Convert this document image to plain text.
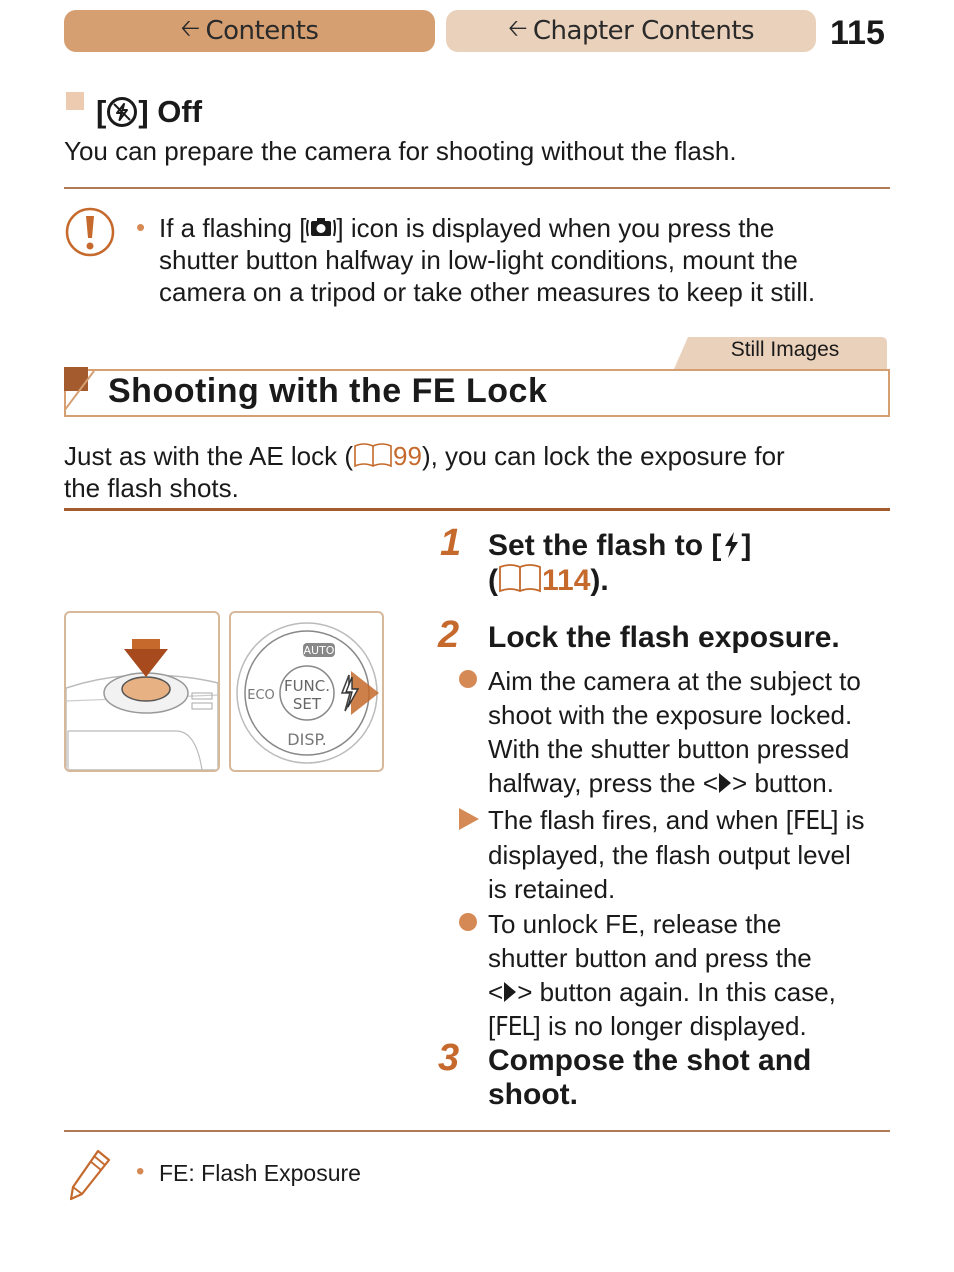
🡠 Contents	🡠 Chapter Contents 115
[ ] Off
You can prepare the camera for shooting without the flash.
• If a flashing [ ] icon is displayed when you press the
shutter button halfway in low-light conditions, mount the
camera on a tripod or take other measures to keep it still.
Still Images
Shooting with the FE Lock
Just as with the AE lock ( 99), you can lock the exposure for
the flash shots.
FUNC.
SET
AUTO
ECO
DISP.
1 Set the flash to [ ]
( 114).
2 Lock the flash exposure.
Aim the camera at the subject to
shoot with the exposure locked.
With the shutter button pressed
halfway, press the < > button.
The flash fires, and when [FEL] is
displayed, the flash output level
is retained.
To unlock FE, release the
shutter button and press the
< > button again. In this case,
[FEL] is no longer displayed.
3 Compose the shot and
shoot.
• FE: Flash Exposure
